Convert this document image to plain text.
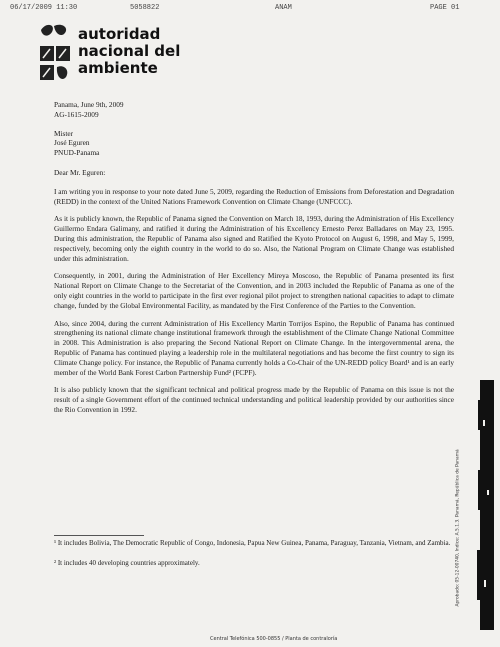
06/17/2009 11:30	5058822	ANAM	PAGE 01
autoridad
nacional del
ambiente

Panama, June 9th, 2009

AG-1615-2009

Mister

José Eguren

PNUD-Panama

Dear Mr. Eguren:

I am writing you in response to your note dated June 5, 2009, regarding the Reduction of Emissions from Deforestation and Degradation (REDD) in the context of the United Nations Framework Convention on Climate Change (UNFCCC).

As it is publicly known, the Republic of Panama signed the Convention on March 18, 1993, during the Administration of His Excellency Guillermo Endara Galimany, and ratified it during the Administration of his Excellency Ernesto Perez Balladares on May 23, 1995. During this administration, the Republic of Panama also signed and Ratified the Kyoto Protocol on August 6, 1998, and May 5, 1999, respectively, becoming only the eighth country in the world to do so. Also, the National Program on Climate Change was established under this administration.

Consequently, in 2001, during the Administration of Her Excellency Mireya Moscoso, the Republic of Panama presented its first National Report on Climate Change to the Secretariat of the Convention, and in 2003 included the Republic of Panama as one of the only eight countries in the world to participate in the first ever regional pilot project to strengthen national capacities to adapt to climate change, funded by the Global Environmental Facility, as mandated by the First Conference of the Parties to the Convention.

Also, since 2004, during the current Administration of His Excellency Martin Torrijos Espino, the Republic of Panama has continued strengthening its national climate change institutional framework through the establishment of the Climate Change National Committee in 2008. This Administration is also preparing the Second National Report on Climate Change. In the intergovernmental arena, the Republic of Panama has continued playing a leadership role in the multilateral negotiations and has become the first country to sign its Climate Change policy. For instance, the Republic of Panama currently holds a Co-Chair of the UN-REDD policy Board¹ and is an early member of the World Bank Forest Carbon Partnership Fund² (FCPF).

It is also publicly known that the significant technical and political progress made by the Republic of Panama on this issue is not the result of a single Government effort of the continued technical understanding and political leadership provided by our authorities since the Rio Convention in 1992.

¹ It includes Bolivia, The Democratic Republic of Congo, Indonesia, Papua New Guinea, Panama, Paraguay, Tanzania, Vietnam, and Zambia.

² It includes 40 developing countries approximately.	Aprobado: 05-12-00740, Indice: A.5.1.3. Panamá, República de Panamá
Central Telefónica 500-0855 / Planta de contraloría
